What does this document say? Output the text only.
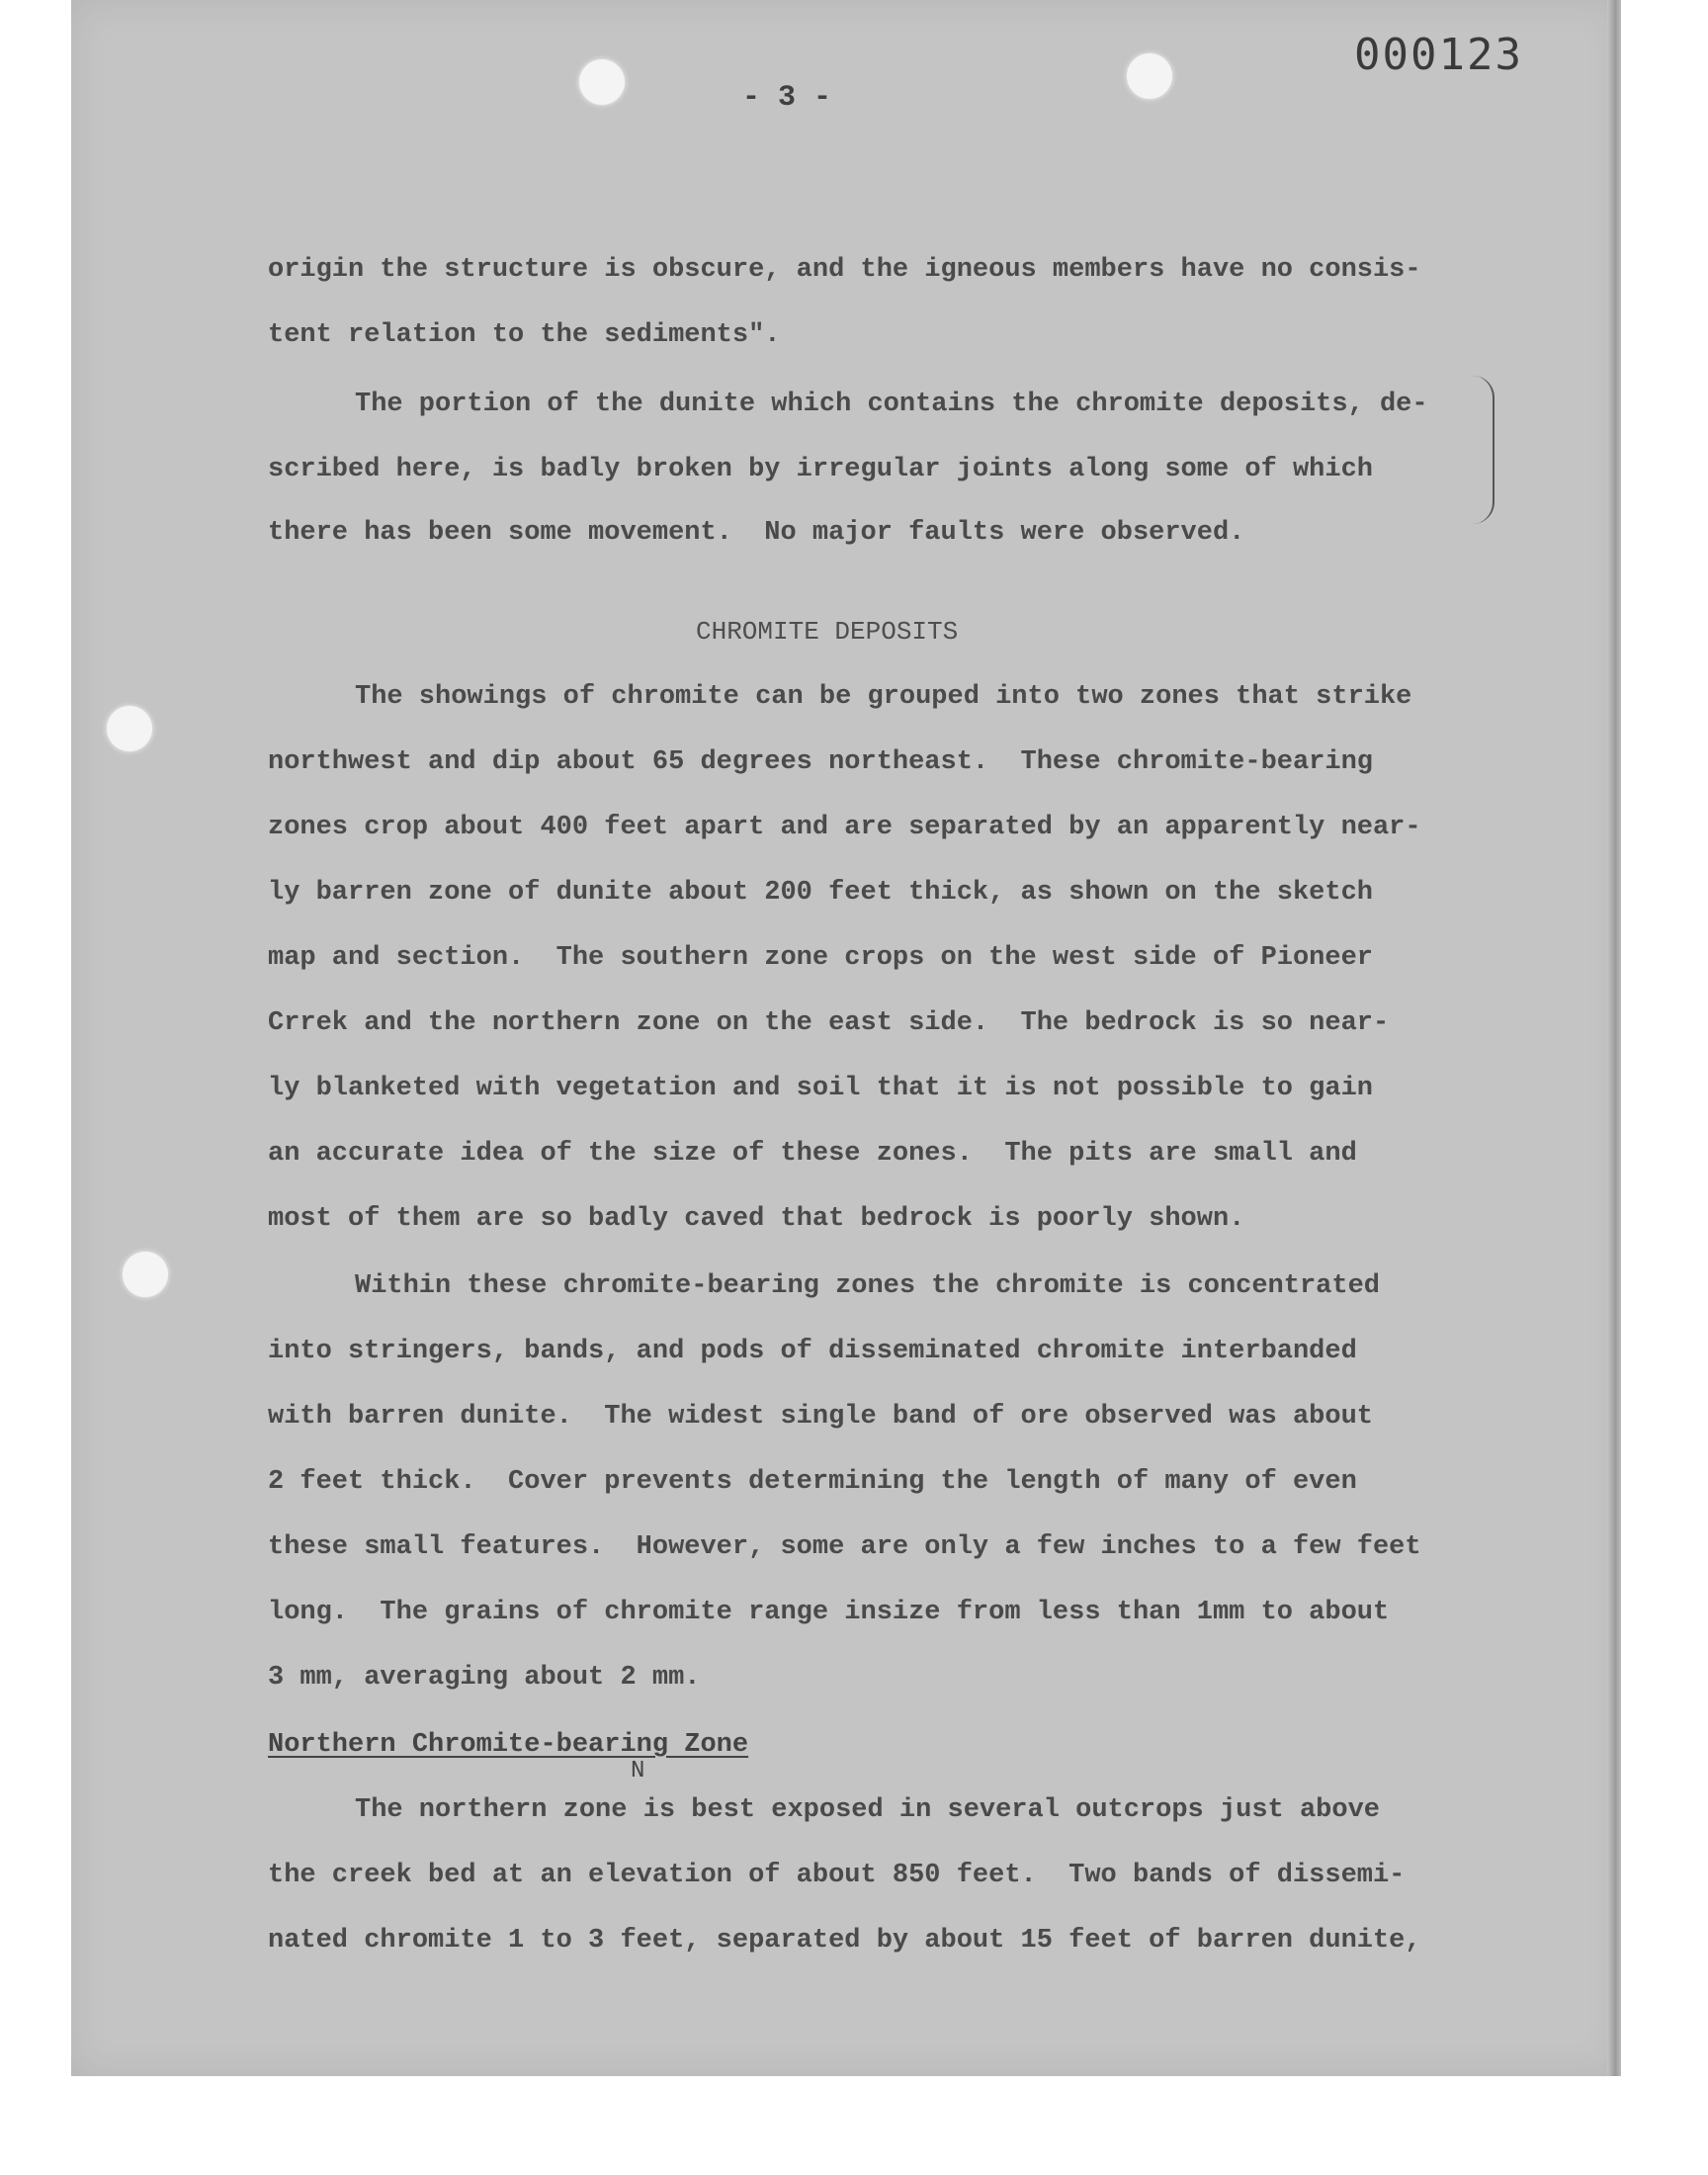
000123
- 3 -
origin the structure is obscure, and the igneous members have no consis-
tent relation to the sediments".
The portion of the dunite which contains the chromite deposits, de-
scribed here, is badly broken by irregular joints along some of which
there has been some movement.  No major faults were observed.
CHROMITE DEPOSITS
The showings of chromite can be grouped into two zones that strike
northwest and dip about 65 degrees northeast.  These chromite-bearing
zones crop about 400 feet apart and are separated by an apparently near-
ly barren zone of dunite about 200 feet thick, as shown on the sketch
map and section.  The southern zone crops on the west side of Pioneer
Crrek and the northern zone on the east side.  The bedrock is so near-
ly blanketed with vegetation and soil that it is not possible to gain
an accurate idea of the size of these zones.  The pits are small and
most of them are so badly caved that bedrock is poorly shown.
Within these chromite-bearing zones the chromite is concentrated
into stringers, bands, and pods of disseminated chromite interbanded
with barren dunite.  The widest single band of ore observed was about
2 feet thick.  Cover prevents determining the length of many of even
these small features.  However, some are only a few inches to a few feet
long.  The grains of chromite range insize from less than 1mm to about
3 mm, averaging about 2 mm.
Northern Chromite-bearing Zone
N
The northern zone is best exposed in several outcrops just above
the creek bed at an elevation of about 850 feet.  Two bands of dissemi-
nated chromite 1 to 3 feet, separated by about 15 feet of barren dunite,
